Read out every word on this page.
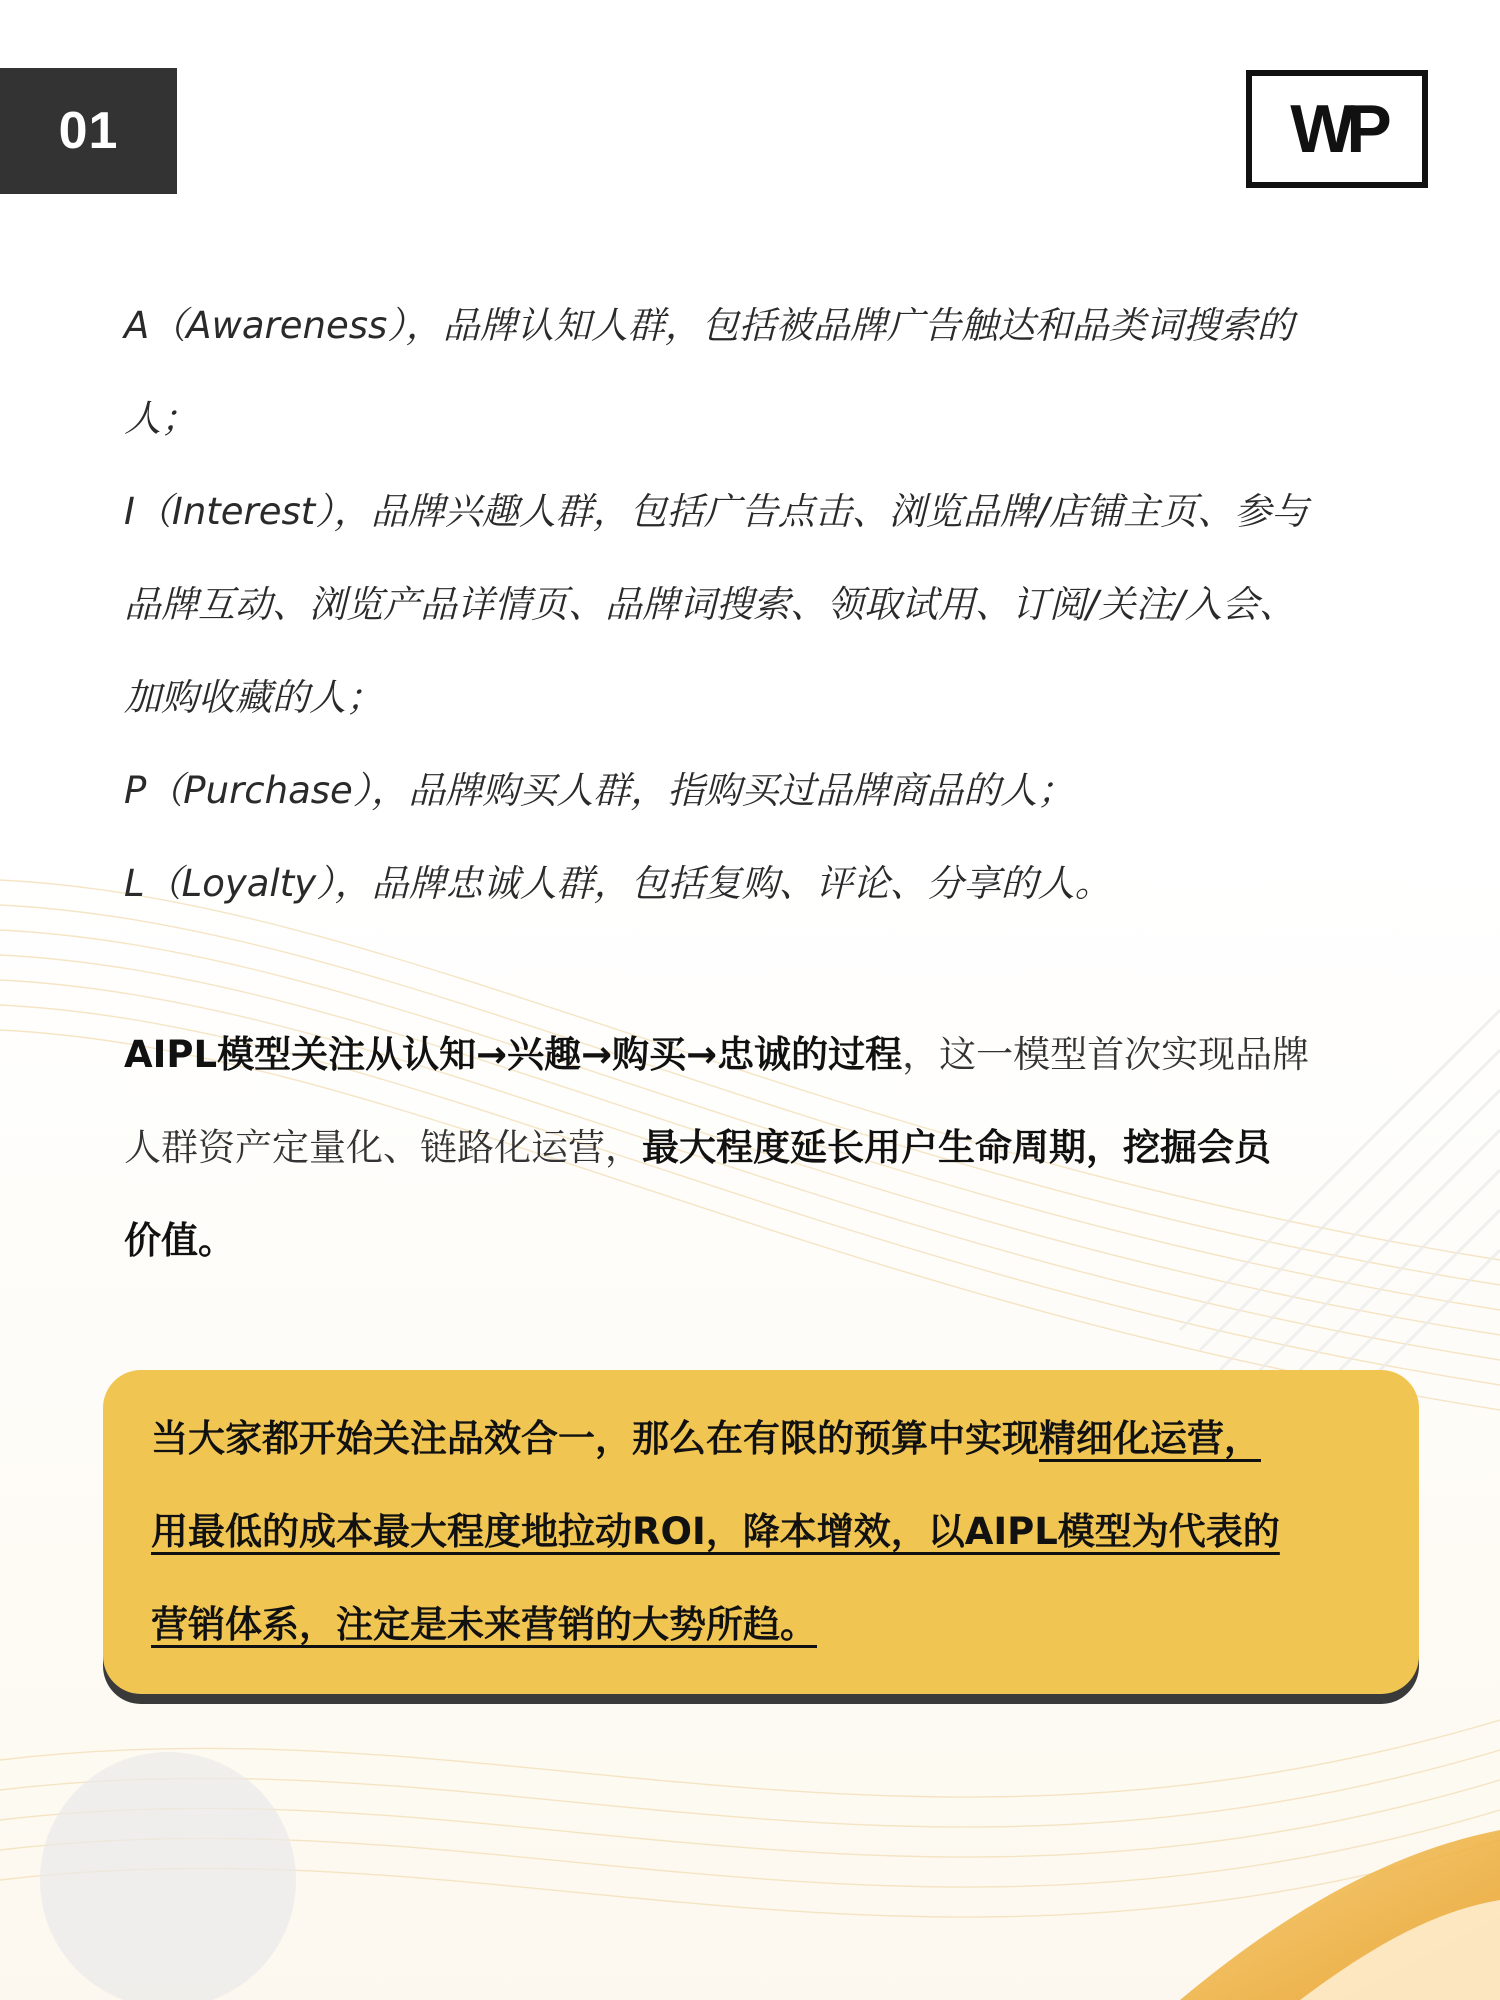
01	WP
A（Awareness），品牌认知人群，包括被品牌广告触达和品类词搜索的
人；
I（Interest），品牌兴趣人群，包括广告点击、浏览品牌/店铺主页、参与
品牌互动、浏览产品详情页、品牌词搜索、领取试用、订阅/关注/入会、
加购收藏的人；
P（Purchase），品牌购买人群，指购买过品牌商品的人；
L（Loyalty），品牌忠诚人群，包括复购、评论、分享的人。
AIPL模型关注从认知→兴趣→购买→忠诚的过程，这一模型首次实现品牌
人群资产定量化、链路化运营，最大程度延长用户生命周期，挖掘会员
价值。
当大家都开始关注品效合一，那么在有限的预算中实现精细化运营，
用最低的成本最大程度地拉动ROI，降本增效，以AIPL模型为代表的
营销体系，注定是未来营销的大势所趋。
